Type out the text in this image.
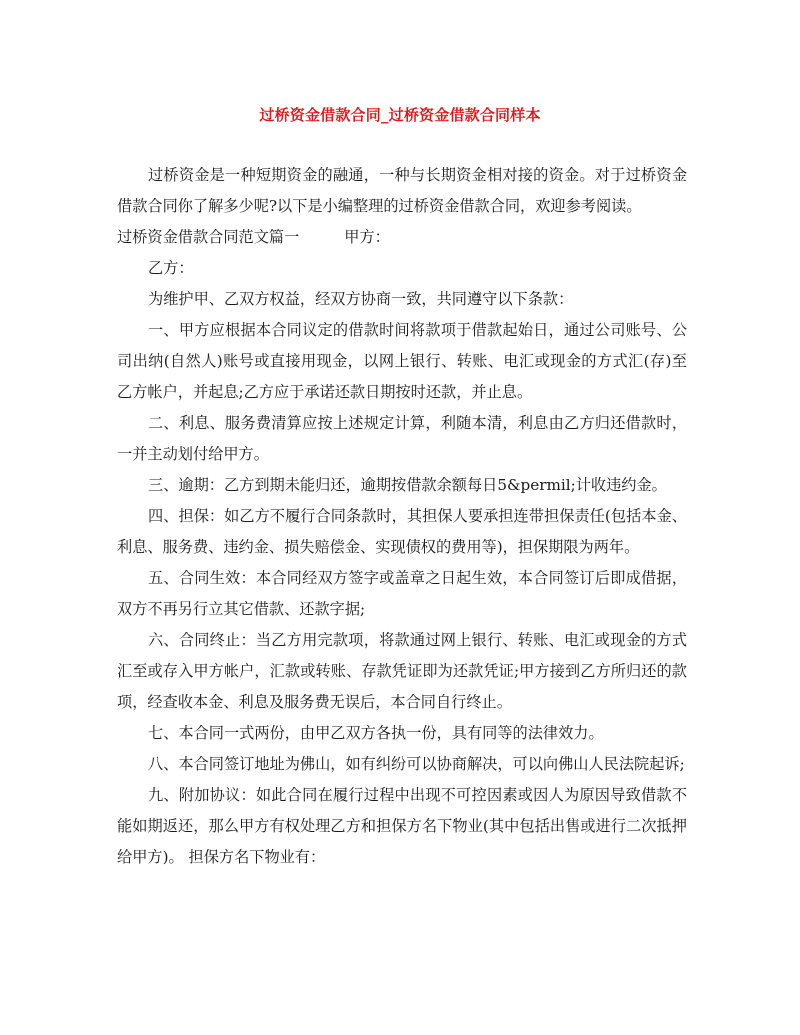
过桥资金借款合同_过桥资金借款合同样本

过桥资金是一种短期资金的融通，一种与长期资金相对接的资金。对于过桥资金借款合同你了解多少呢?以下是小编整理的过桥资金借款合同，欢迎参考阅读。

过桥资金借款合同范文篇一	甲方：

乙方：

为维护甲、乙双方权益，经双方协商一致，共同遵守以下条款：

一、甲方应根据本合同议定的借款时间将款项于借款起始日，通过公司账号、公司出纳(自然人)账号或直接用现金，以网上银行、转账、电汇或现金的方式汇(存)至乙方帐户，并起息;乙方应于承诺还款日期按时还款，并止息。

二、利息、服务费清算应按上述规定计算，利随本清，利息由乙方归还借款时，一并主动划付给甲方。

三、逾期：乙方到期未能归还，逾期按借款余额每日5&permil;计收违约金。

四、担保：如乙方不履行合同条款时，其担保人要承担连带担保责任(包括本金、利息、服务费、违约金、损失赔偿金、实现债权的费用等)，担保期限为两年。

五、合同生效：本合同经双方签字或盖章之日起生效，本合同签订后即成借据，双方不再另行立其它借款、还款字据;

六、合同终止：当乙方用完款项，将款通过网上银行、转账、电汇或现金的方式汇至或存入甲方帐户，汇款或转账、存款凭证即为还款凭证;甲方接到乙方所归还的款项，经查收本金、利息及服务费无误后，本合同自行终止。

七、本合同一式两份，由甲乙双方各执一份，具有同等的法律效力。

八、本合同签订地址为佛山，如有纠纷可以协商解决，可以向佛山人民法院起诉;

九、附加协议：如此合同在履行过程中出现不可控因素或因人为原因导致借款不能如期返还，那么甲方有权处理乙方和担保方名下物业(其中包括出售或进行二次抵押给甲方)。 担保方名下物业有：
